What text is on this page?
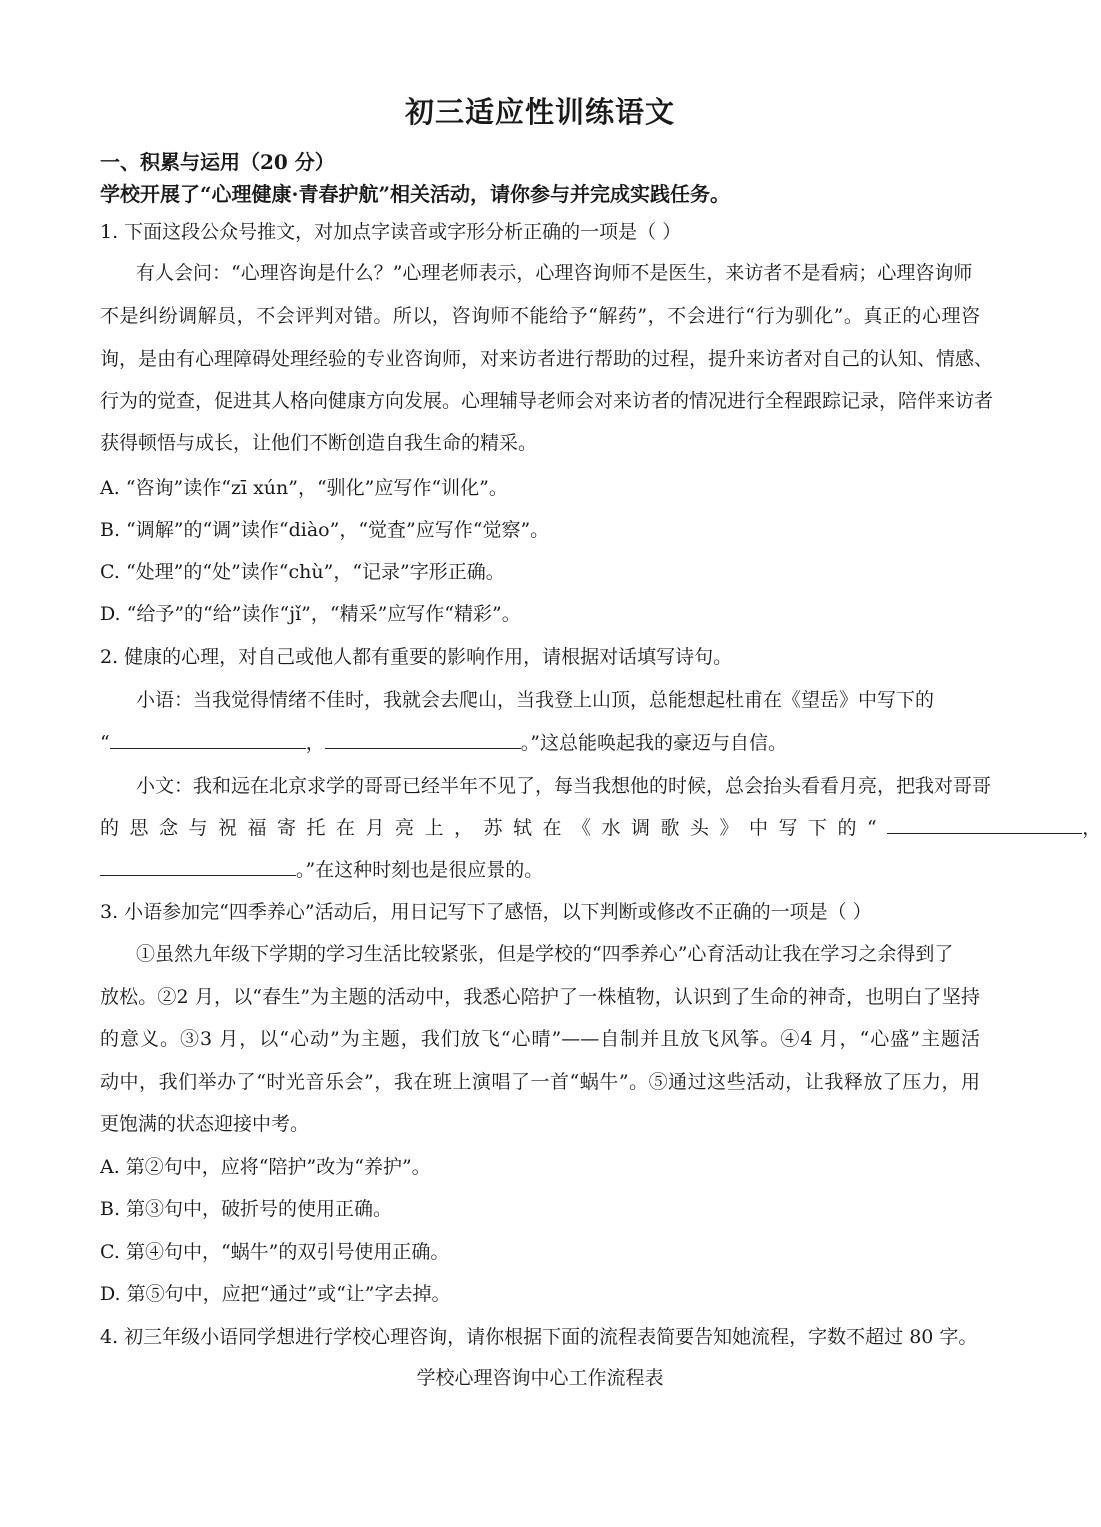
初三适应性训练语文
一、积累与运用（20 分）
学校开展了“心理健康·青春护航”相关活动，请你参与并完成实践任务。
1. 下面这段公众号推文，对加点字读音或字形分析正确的一项是（ ）
有人会问：“心理咨询是什么？”心理老师表示，心理咨询师不是医生，来访者不是看病；心理咨询师
不是纠纷调解员，不会评判对错。所以，咨询师不能给予“解药”，不会进行“行为驯化”。真正的心理咨
询，是由有心理障碍处理经验的专业咨询师，对来访者进行帮助的过程，提升来访者对自己的认知、情感、
行为的觉查，促进其人格向健康方向发展。心理辅导老师会对来访者的情况进行全程跟踪记录，陪伴来访者
获得顿悟与成长，让他们不断创造自我生命的精采。
A. “咨询”读作“zī xún”，“驯化”应写作“训化”。
B. “调解”的“调”读作“diào”，“觉査”应写作“觉察”。
C. “处理”的“处”读作“chù”，“记录”字形正确。
D. “给予”的“给”读作“jǐ”，“精采”应写作“精彩”。
2. 健康的心理，对自己或他人都有重要的影响作用，请根据对话填写诗句。
小语：当我觉得情绪不佳时，我就会去爬山，当我登上山顶，总能想起杜甫在《望岳》中写下的
“	，	。”这总能唤起我的豪迈与自信。
小文：我和远在北京求学的哥哥已经半年不见了，每当我想他的时候，总会抬头看看月亮，把我对哥哥
的思念与祝福寄托在月亮上，苏轼在《水调歌头》中写下的“	，
。”在这种时刻也是很应景的。
3. 小语参加完“四季养心”活动后，用日记写下了感悟，以下判断或修改不正确的一项是（ ）
①虽然九年级下学期的学习生活比较紧张，但是学校的“四季养心”心育活动让我在学习之余得到了
放松。②2 月，以“春生”为主题的活动中，我悉心陪护了一株植物，认识到了生命的神奇，也明白了坚持
的意义。③3 月，以“心动”为主题，我们放飞“心晴”——自制并且放飞风筝。④4 月，“心盛”主题活
动中，我们举办了“时光音乐会”，我在班上演唱了一首“蜗牛”。⑤通过这些活动，让我释放了压力，用
更饱满的状态迎接中考。
A. 第②句中，应将“陪护”改为“养护”。
B. 第③句中，破折号的使用正确。
C. 第④句中，“蜗牛”的双引号使用正确。
D. 第⑤句中，应把“通过”或“让”字去掉。
4. 初三年级小语同学想进行学校心理咨询，请你根据下面的流程表简要告知她流程，字数不超过 80 字。
学校心理咨询中心工作流程表
